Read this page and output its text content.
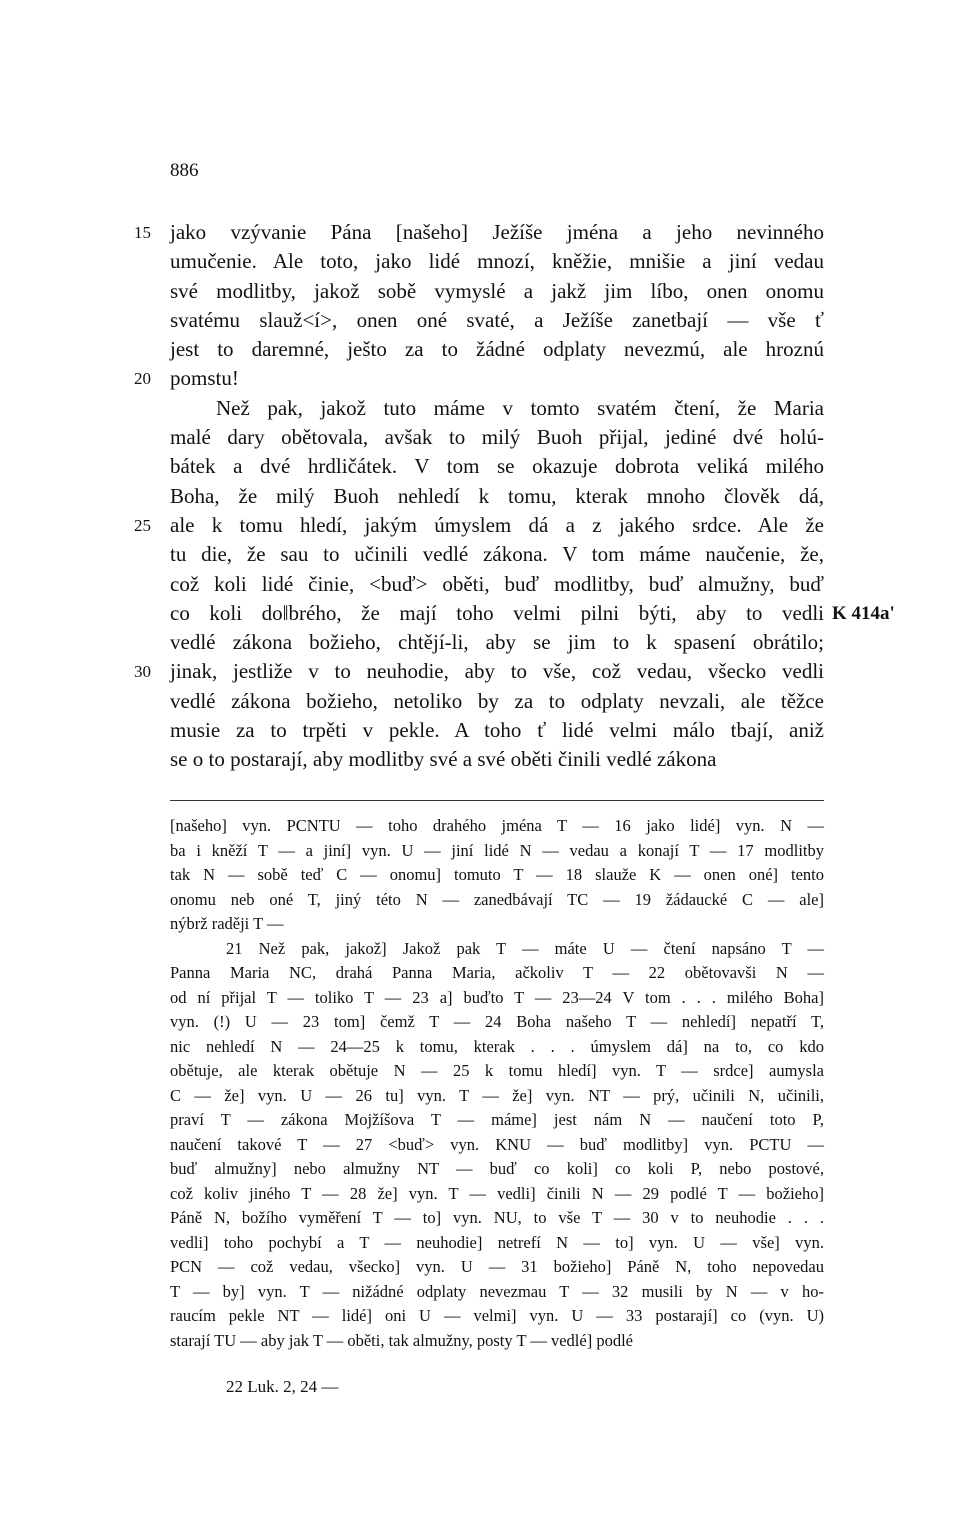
886
15 jako vzývanie Pána [našeho] Ježíše jména a jeho nevinného
umučenie. Ale toto, jako lidé mnozí, kněžie, mnišie a jiní vedau
své modlitby, jakož sobě vymyslé a jakž jim líbo, onen onomu
svatému slauž<í>, onen oné svaté, a Ježíše zanetbají — vše ť
jest to daremné, ješto za to žádné odplaty nevezmú, ale hroznú
20 pomstu!
Než pak, jakož tuto máme v tomto svatém čtení, že Maria
malé dary obětovala, avšak to milý Buoh přijal, jediné dvé holú-
bátek a dvé hrdličátek. V tom se okazuje dobrota veliká milého
Boha, že milý Buoh nehledí k tomu, kterak mnoho člověk dá,
25 ale k tomu hledí, jakým úmyslem dá a z jakého srdce. Ale že
tu die, že sau to učinili vedlé zákona. V tom máme naučenie, že,
což koli lidé činie, <buď> oběti, buď modlitby, buď almužny, buď
co koli do‖brého, že mají toho velmi pilni býti, aby to vedli K 414a'
vedlé zákona božieho, chtějí-li, aby se jim to k spasení obrátilo;
30 jinak, jestliže v to neuhodie, aby to vše, což vedau, všecko vedli
vedlé zákona božieho, netoliko by za to odplaty nevzali, ale těžce
musie za to trpěti v pekle. A toho ť lidé velmi málo tbají, aniž
se o to postarají, aby modlitby své a své oběti činili vedlé zákona
[našeho] vyn. PCNTU — toho drahého jména T — 16 jako lidé] vyn. N —
ba i kněží T — a jiní] vyn. U — jiní lidé N — vedau a konají T — 17 modlitby
tak N — sobě teď C — onomu] tomuto T — 18 slauže K — onen oné] tento
onomu neb oné T, jiný této N — zanedbávají TC — 19 žádaucké C — ale]
nýbrž raději T —
21 Než pak, jakož] Jakož pak T — máte U — čtení napsáno T —
Panna Maria NC, drahá Panna Maria, ačkoliv T — 22 obětovavši N —
od ní přijal T — toliko T — 23 a] buďto T — 23—24 V tom . . . milého Boha]
vyn. (!) U — 23 tom] čemž T — 24 Boha našeho T — nehledí] nepatří T,
nic nehledí N — 24—25 k tomu, kterak . . . úmyslem dá] na to, co kdo
obětuje, ale kterak obětuje N — 25 k tomu hledí] vyn. T — srdce] aumysla
C — že] vyn. U — 26 tu] vyn. T — že] vyn. NT — prý, učinili N, učinili,
praví T — zákona Mojžíšova T — máme] jest nám N — naučení toto P,
naučení takové T — 27 <buď> vyn. KNU — buď modlitby] vyn. PCTU —
buď almužny] nebo almužny NT — buď co koli] co koli P, nebo postové,
což koliv jiného T — 28 že] vyn. T — vedli] činili N — 29 podlé T — božieho]
Páně N, božího vyměření T — to] vyn. NU, to vše T — 30 v to neuhodie . . .
vedli] toho pochybí a T — neuhodie] netrefí N — to] vyn. U — vše] vyn.
PCN — což vedau, všecko] vyn. U — 31 božieho] Páně N, toho nepovedau
T — by] vyn. T — nižádné odplaty nevezmau T — 32 musili by N — v ho-
raucím pekle NT — lidé] oni U — velmi] vyn. U — 33 postarají] co (vyn. U)
starají TU — aby jak T — oběti, tak almužny, posty T — vedlé] podlé
22 Luk. 2, 24 —
